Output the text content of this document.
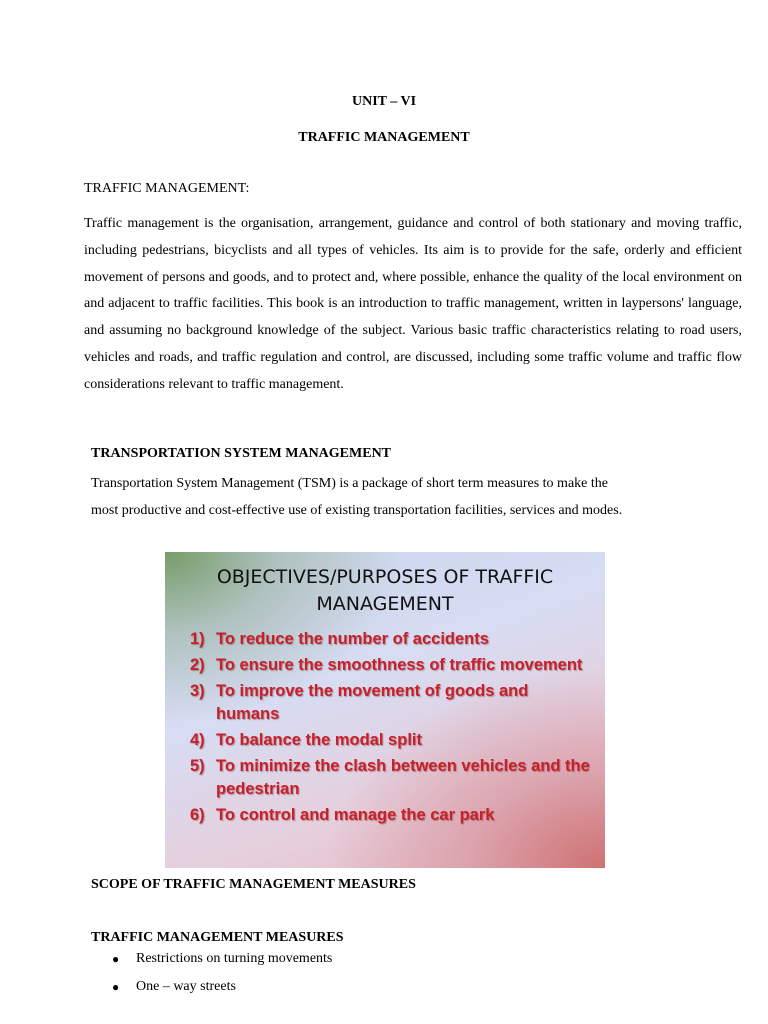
UNIT – VI
TRAFFIC MANAGEMENT
TRAFFIC MANAGEMENT:
Traffic management is the organisation, arrangement, guidance and control of both stationary and moving traffic, including pedestrians, bicyclists and all types of vehicles. Its aim is to provide for the safe, orderly and efficient movement of persons and goods, and to protect and, where possible, enhance the quality of the local environment on and adjacent to traffic facilities. This book is an introduction to traffic management, written in laypersons' language, and assuming no background knowledge of the subject. Various basic traffic characteristics relating to road users, vehicles and roads, and traffic regulation and control, are discussed, including some traffic volume and traffic flow considerations relevant to traffic management.
TRANSPORTATION SYSTEM MANAGEMENT
Transportation System Management (TSM) is a package of short term measures to make the
most productive and cost-effective use of existing transportation facilities, services and modes.
OBJECTIVES/PURPOSES OF TRAFFIC
MANAGEMENT
1) To reduce the number of accidents
2) To ensure the smoothness of traffic movement
3) To improve the movement of goods and humans
4) To balance the modal split
5) To minimize the clash between vehicles and the pedestrian
6) To control and manage the car park
SCOPE OF TRAFFIC MANAGEMENT MEASURES
TRAFFIC MANAGEMENT MEASURES
●	Restrictions on turning movements
●	One – way streets
